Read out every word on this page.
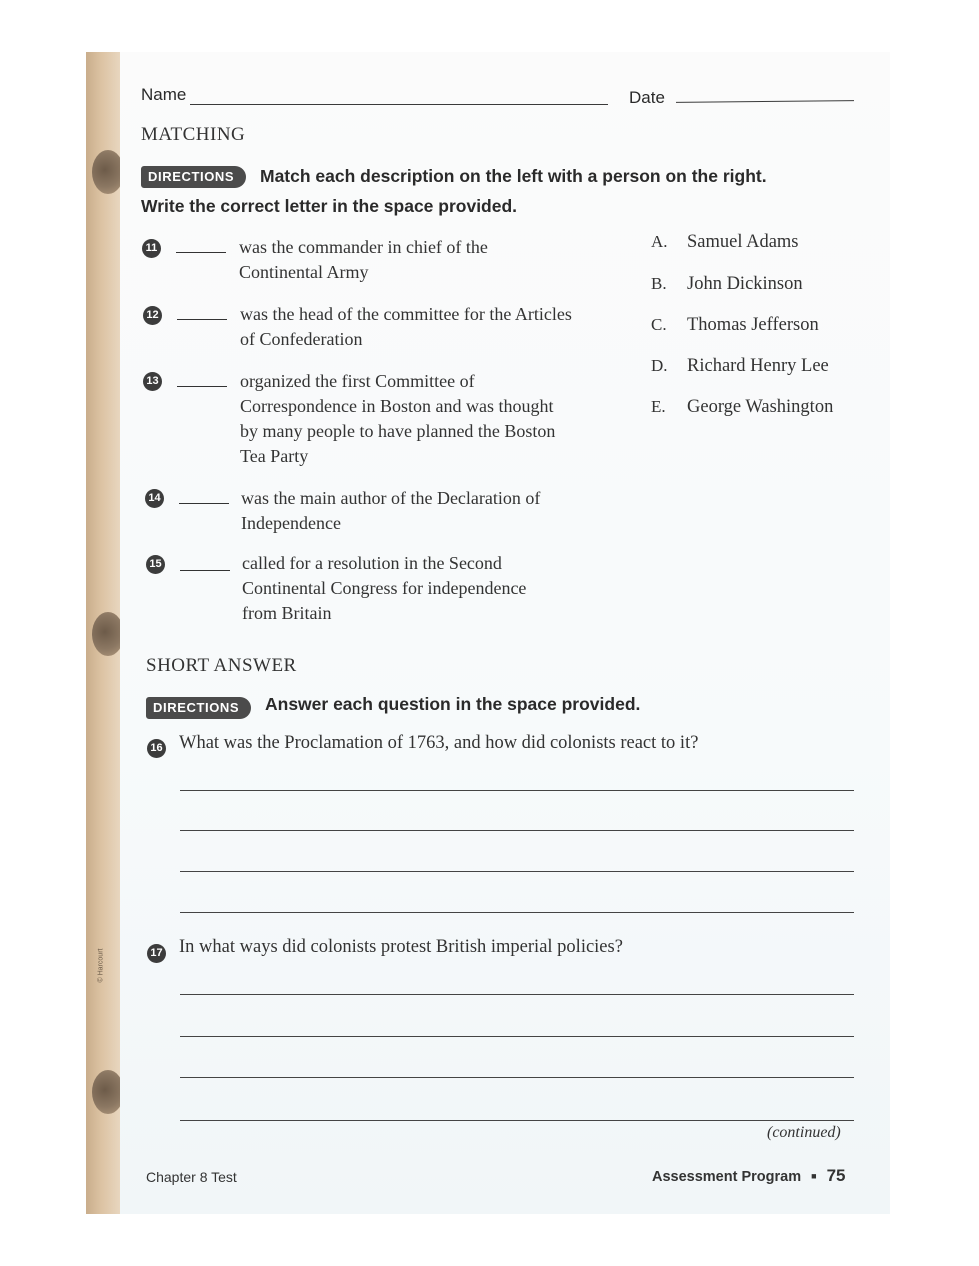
© Harcourt
Name	Date
MATCHING
DIRECTIONS	Match each description on the left with a person on the right.
Write the correct letter in the space provided.
11	was the commander in chief of the
Continental Army
12	was the head of the committee for the Articles
of Confederation
13	organized the first Committee of
Correspondence in Boston and was thought
by many people to have planned the Boston
Tea Party
14	was the main author of the Declaration of
Independence
15	called for a resolution in the Second
Continental Congress for independence
from Britain
A. Samuel Adams
B. John Dickinson
C. Thomas Jefferson
D. Richard Henry Lee
E. George Washington
SHORT ANSWER
DIRECTIONS	Answer each question in the space provided.
16 What was the Proclamation of 1763, and how did colonists react to it?
17 In what ways did colonists protest British imperial policies?
(continued)
Chapter 8 Test	Assessment Program ■ 75
